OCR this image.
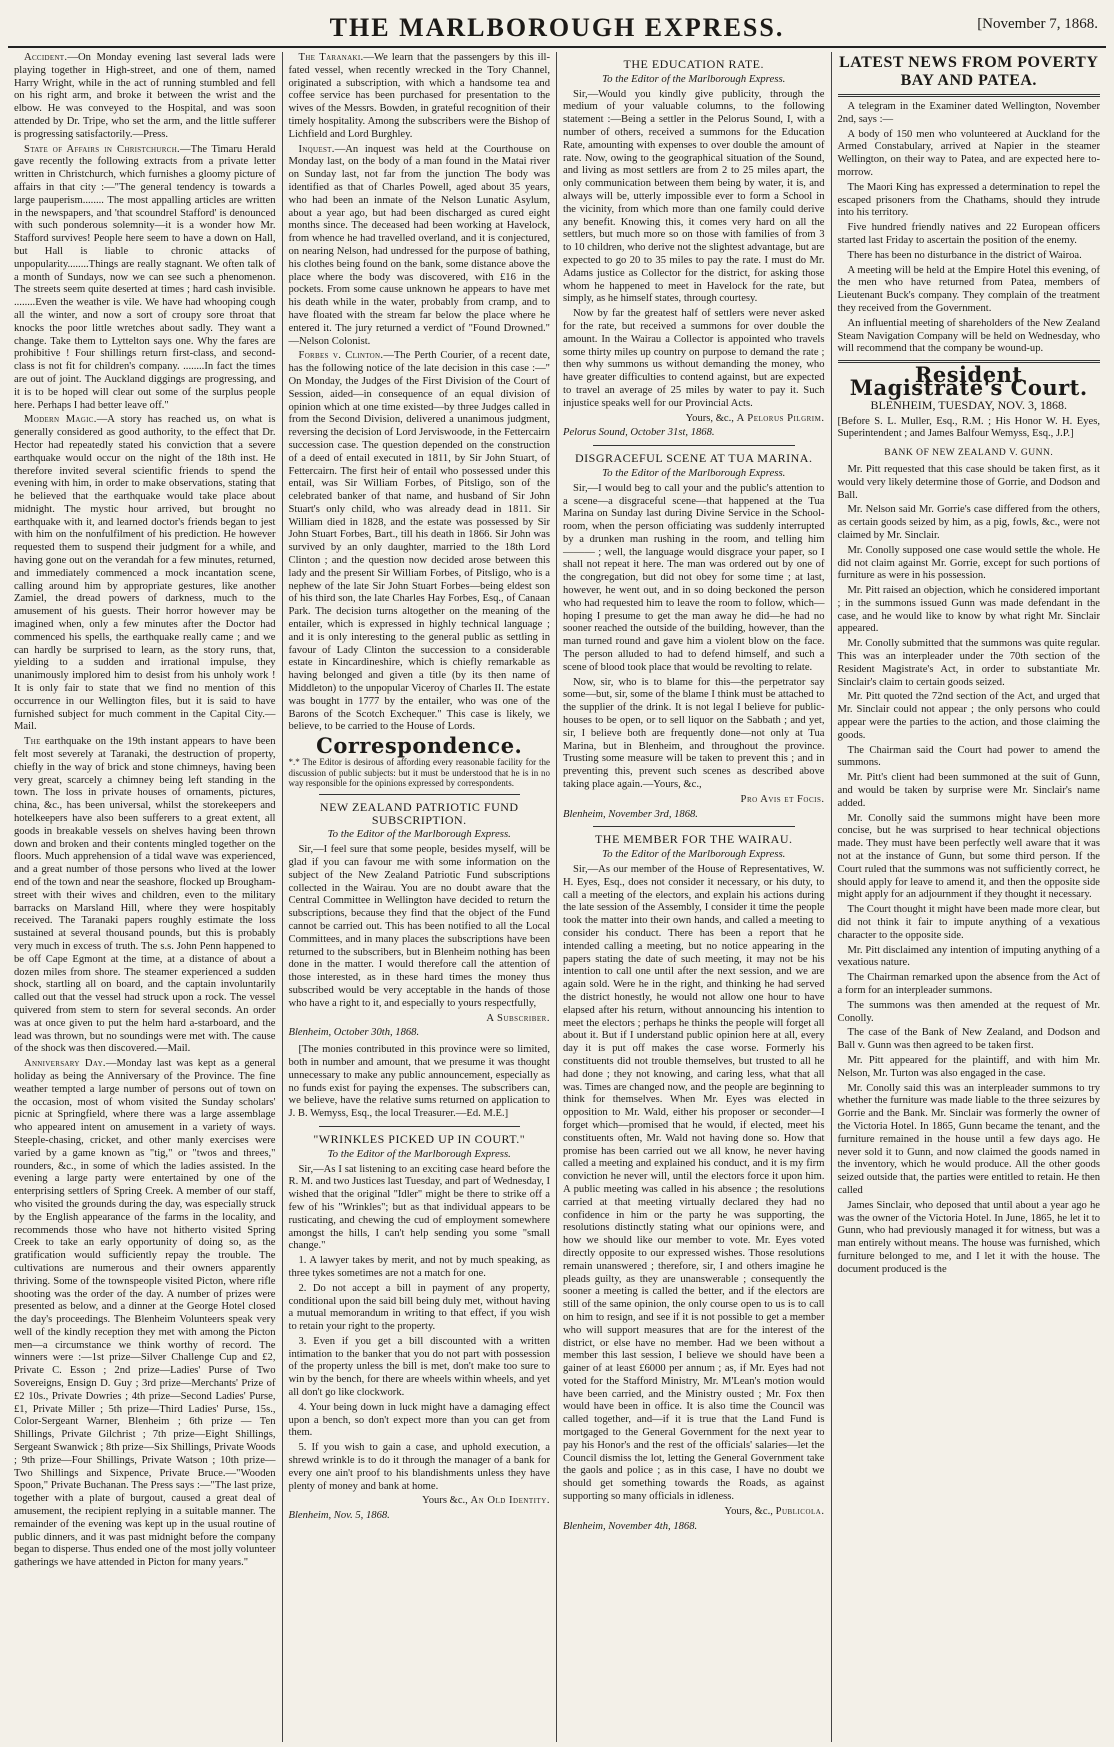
THE MARLBOROUGH EXPRESS.	[November 7, 1868.

Accident.—On Monday evening last several lads were playing together in High-street, and one of them, named Harry Wright, while in the act of running stumbled and fell on his right arm, and broke it between the wrist and the elbow. He was conveyed to the Hospital, and was soon attended by Dr. Tripe, who set the arm, and the little sufferer is progressing satisfactorily.—Press.

State of Affairs in Christchurch.—The Timaru Herald gave recently the following extracts from a private letter written in Christchurch, which furnishes a gloomy picture of affairs in that city :—"The general tendency is towards a large pauperism........ The most appalling articles are written in the newspapers, and 'that scoundrel Stafford' is denounced with such ponderous solemnity—it is a wonder how Mr. Stafford survives! People here seem to have a down on Hall, but Hall is liable to chronic attacks of unpopularity........Things are really stagnant. We often talk of a month of Sundays, now we can see such a phenomenon. The streets seem quite deserted at times ; hard cash invisible. ........Even the weather is vile. We have had whooping cough all the winter, and now a sort of croupy sore throat that knocks the poor little wretches about sadly. They want a change. Take them to Lyttelton says one. Why the fares are prohibitive ! Four shillings return first-class, and second-class is not fit for children's company. ........In fact the times are out of joint. The Auckland diggings are progressing, and it is to be hoped will clear out some of the surplus people here. Perhaps I had better leave off."

Modern Magic.—A story has reached us, on what is generally considered as good authority, to the effect that Dr. Hector had repeatedly stated his conviction that a severe earthquake would occur on the night of the 18th inst. He therefore invited several scientific friends to spend the evening with him, in order to make observations, stating that he believed that the earthquake would take place about midnight. The mystic hour arrived, but brought no earthquake with it, and learned doctor's friends began to jest with him on the nonfulfilment of his prediction. He however requested them to suspend their judgment for a while, and having gone out on the verandah for a few minutes, returned, and immediately commenced a mock incantation scene, calling around him by appropriate gestures, like another Zamiel, the dread powers of darkness, much to the amusement of his guests. Their horror however may be imagined when, only a few minutes after the Doctor had commenced his spells, the earthquake really came ; and we can hardly be surprised to learn, as the story runs, that, yielding to a sudden and irrational impulse, they unanimously implored him to desist from his unholy work ! It is only fair to state that we find no mention of this occurrence in our Wellington files, but it is said to have furnished subject for much comment in the Capital City.—Mail.

The earthquake on the 19th instant appears to have been felt most severely at Taranaki, the destruction of property, chiefly in the way of brick and stone chimneys, having been very great, scarcely a chimney being left standing in the town. The loss in private houses of ornaments, pictures, china, &c., has been universal, whilst the storekeepers and hotelkeepers have also been sufferers to a great extent, all goods in breakable vessels on shelves having been thrown down and broken and their contents mingled together on the floors. Much apprehension of a tidal wave was experienced, and a great number of those persons who lived at the lower end of the town and near the seashore, flocked up Brougham-street with their wives and children, even to the military barracks on Marsland Hill, where they were hospitably received. The Taranaki papers roughly estimate the loss sustained at several thousand pounds, but this is probably very much in excess of truth. The s.s. John Penn happened to be off Cape Egmont at the time, at a distance of about a dozen miles from shore. The steamer experienced a sudden shock, startling all on board, and the captain involuntarily called out that the vessel had struck upon a rock. The vessel quivered from stem to stern for several seconds. An order was at once given to put the helm hard a-starboard, and the lead was thrown, but no soundings were met with. The cause of the shock was then discovered.—Mail.

Anniversary Day.—Monday last was kept as a general holiday as being the Anniversary of the Province. The fine weather tempted a large number of persons out of town on the occasion, most of whom visited the Sunday scholars' picnic at Springfield, where there was a large assemblage who appeared intent on amusement in a variety of ways. Steeple-chasing, cricket, and other manly exercises were varied by a game known as "tig," or "twos and threes," rounders, &c., in some of which the ladies assisted. In the evening a large party were entertained by one of the enterprising settlers of Spring Creek. A member of our staff, who visited the grounds during the day, was especially struck by the English appearance of the farms in the locality, and recommends those who have not hitherto visited Spring Creek to take an early opportunity of doing so, as the gratification would sufficiently repay the trouble. The cultivations are numerous and their owners apparently thriving. Some of the townspeople visited Picton, where rifle shooting was the order of the day. A number of prizes were presented as below, and a dinner at the George Hotel closed the day's proceedings. The Blenheim Volunteers speak very well of the kindly reception they met with among the Picton men—a circumstance we think worthy of record. The winners were :—1st prize—Silver Challenge Cup and £2, Private C. Esson ; 2nd prize—Ladies' Purse of Two Sovereigns, Ensign D. Guy ; 3rd prize—Merchants' Prize of £2 10s., Private Dowries ; 4th prize—Second Ladies' Purse, £1, Private Miller ; 5th prize—Third Ladies' Purse, 15s., Color-Sergeant Warner, Blenheim ; 6th prize — Ten Shillings, Private Gilchrist ; 7th prize—Eight Shillings, Sergeant Swanwick ; 8th prize—Six Shillings, Private Woods ; 9th prize—Four Shillings, Private Watson ; 10th prize—Two Shillings and Sixpence, Private Bruce.—"Wooden Spoon," Private Buchanan. The Press says :—"The last prize, together with a plate of burgout, caused a great deal of amusement, the recipient replying in a suitable manner. The remainder of the evening was kept up in the usual routine of public dinners, and it was past midnight before the company began to disperse. Thus ended one of the most jolly volunteer gatherings we have attended in Picton for many years."

The Taranaki.—We learn that the passengers by this ill-fated vessel, when recently wrecked in the Tory Channel, originated a subscription, with which a handsome tea and coffee service has been purchased for presentation to the wives of the Messrs. Bowden, in grateful recognition of their timely hospitality. Among the subscribers were the Bishop of Lichfield and Lord Burghley.

Inquest.—An inquest was held at the Courthouse on Monday last, on the body of a man found in the Matai river on Sunday last, not far from the junction The body was identified as that of Charles Powell, aged about 35 years, who had been an inmate of the Nelson Lunatic Asylum, about a year ago, but had been discharged as cured eight months since. The deceased had been working at Havelock, from whence he had travelled overland, and it is conjectured, on nearing Nelson, had undressed for the purpose of bathing, his clothes being found on the bank, some distance above the place where the body was discovered, with £16 in the pockets. From some cause unknown he appears to have met his death while in the water, probably from cramp, and to have floated with the stream far below the place where he entered it. The jury returned a verdict of "Found Drowned." —Nelson Colonist.

Forbes v. Clinton.—The Perth Courier, of a recent date, has the following notice of the late decision in this case :—" On Monday, the Judges of the First Division of the Court of Session, aided—in consequence of an equal division of opinion which at one time existed—by three Judges called in from the Second Division, delivered a unanimous judgment, reversing the decision of Lord Jerviswoode, in the Fettercairn succession case. The question depended on the construction of a deed of entail executed in 1811, by Sir John Stuart, of Fettercairn. The first heir of entail who possessed under this entail, was Sir William Forbes, of Pitsligo, son of the celebrated banker of that name, and husband of Sir John Stuart's only child, who was already dead in 1811. Sir William died in 1828, and the estate was possessed by Sir John Stuart Forbes, Bart., till his death in 1866. Sir John was survived by an only daughter, married to the 18th Lord Clinton ; and the question now decided arose between this lady and the present Sir William Forbes, of Pitsligo, who is a nephew of the late Sir John Stuart Forbes—being eldest son of his third son, the late Charles Hay Forbes, Esq., of Canaan Park. The decision turns altogether on the meaning of the entailer, which is expressed in highly technical language ; and it is only interesting to the general public as settling in favour of Lady Clinton the succession to a considerable estate in Kincardineshire, which is chiefly remarkable as having belonged and given a title (by its then name of Middleton) to the unpopular Viceroy of Charles II. The estate was bought in 1777 by the entailer, who was one of the Barons of the Scotch Exchequer." This case is likely, we believe, to be carried to the House of Lords.

Correspondence.
*.* The Editor is desirous of affording every reasonable facility for the discussion of public subjects: but it must be understood that he is in no way responsible for the opinions expressed by correspondents.
NEW ZEALAND PATRIOTIC FUND SUBSCRIPTION.
To the Editor of the Marlborough Express.

Sir,—I feel sure that some people, besides myself, will be glad if you can favour me with some information on the subject of the New Zealand Patriotic Fund subscriptions collected in the Wairau. You are no doubt aware that the Central Committee in Wellington have decided to return the subscriptions, because they find that the object of the Fund cannot be carried out. This has been notified to all the Local Committees, and in many places the subscriptions have been returned to the subscribers, but in Blenheim nothing has been done in the matter. I would therefore call the attention of those interested, as in these hard times the money thus subscribed would be very acceptable in the hands of those who have a right to it, and especially to yours respectfully,

A Subscriber.
Blenheim, October 30th, 1868.

[The monies contributed in this province were so limited, both in number and amount, that we presume it was thought unnecessary to make any public announcement, especially as no funds exist for paying the expenses. The subscribers can, we believe, have the relative sums returned on application to J. B. Wemyss, Esq., the local Treasurer.—Ed. M.E.]

"WRINKLES PICKED UP IN COURT."
To the Editor of the Marlborough Express.

Sir,—As I sat listening to an exciting case heard before the R. M. and two Justices last Tuesday, and part of Wednesday, I wished that the original "Idler" might be there to strike off a few of his "Wrinkles"; but as that individual appears to be rusticating, and chewing the cud of employment somewhere amongst the hills, I can't help sending you some "small change."

1. A lawyer takes by merit, and not by much speaking, as three tykes sometimes are not a match for one.

2. Do not accept a bill in payment of any property, conditional upon the said bill being duly met, without having a mutual memorandum in writing to that effect, if you wish to retain your right to the property.

3. Even if you get a bill discounted with a written intimation to the banker that you do not part with possession of the property unless the bill is met, don't make too sure to win by the bench, for there are wheels within wheels, and yet all don't go like clockwork.

4. Your being down in luck might have a damaging effect upon a bench, so don't expect more than you can get from them.

5. If you wish to gain a case, and uphold execution, a shrewd wrinkle is to do it through the manager of a bank for every one ain't proof to his blandishments unless they have plenty of money and bank at home.

Yours &c., An Old Identity.
Blenheim, Nov. 5, 1868.
THE EDUCATION RATE.
To the Editor of the Marlborough Express.

Sir,—Would you kindly give publicity, through the medium of your valuable columns, to the following statement :—Being a settler in the Pelorus Sound, I, with a number of others, received a summons for the Education Rate, amounting with expenses to over double the amount of rate. Now, owing to the geographical situation of the Sound, and living as most settlers are from 2 to 25 miles apart, the only communication between them being by water, it is, and always will be, utterly impossible ever to form a School in the vicinity, from which more than one family could derive any benefit. Knowing this, it comes very hard on all the settlers, but much more so on those with families of from 3 to 10 children, who derive not the slightest advantage, but are expected to go 20 to 35 miles to pay the rate. I must do Mr. Adams justice as Collector for the district, for asking those whom he happened to meet in Havelock for the rate, but simply, as he himself states, through courtesy.

Now by far the greatest half of settlers were never asked for the rate, but received a summons for over double the amount. In the Wairau a Collector is appointed who travels some thirty miles up country on purpose to demand the rate ; then why summons us without demanding the money, who have greater difficulties to contend against, but are expected to travel an average of 25 miles by water to pay it. Such injustice speaks well for our Provincial Acts.

Yours, &c., A Pelorus Pilgrim.
Pelorus Sound, October 31st, 1868.
DISGRACEFUL SCENE AT TUA MARINA.
To the Editor of the Marlborough Express.

Sir,—I would beg to call your and the public's attention to a scene—a disgraceful scene—that happened at the Tua Marina on Sunday last during Divine Service in the School-room, when the person officiating was suddenly interrupted by a drunken man rushing in the room, and telling him ——— ; well, the language would disgrace your paper, so I shall not repeat it here. The man was ordered out by one of the congregation, but did not obey for some time ; at last, however, he went out, and in so doing beckoned the person who had requested him to leave the room to follow, which—hoping I presume to get the man away he did—he had no sooner reached the outside of the building, however, than the man turned round and gave him a violent blow on the face. The person alluded to had to defend himself, and such a scene of blood took place that would be revolting to relate.

Now, sir, who is to blame for this—the perpetrator say some—but, sir, some of the blame I think must be attached to the supplier of the drink. It is not legal I believe for public-houses to be open, or to sell liquor on the Sabbath ; and yet, sir, I believe both are frequently done—not only at Tua Marina, but in Blenheim, and throughout the province. Trusting some measure will be taken to prevent this ; and in preventing this, prevent such scenes as described above taking place again.—Yours, &c.,

Pro Avis et Focis.
Blenheim, November 3rd, 1868.
THE MEMBER FOR THE WAIRAU.
To the Editor of the Marlborough Express.

Sir,—As our member of the House of Representatives, W. H. Eyes, Esq., does not consider it necessary, or his duty, to call a meeting of the electors, and explain his actions during the late session of the Assembly, I consider it time the people took the matter into their own hands, and called a meeting to consider his conduct. There has been a report that he intended calling a meeting, but no notice appearing in the papers stating the date of such meeting, it may not be his intention to call one until after the next session, and we are again sold. Were he in the right, and thinking he had served the district honestly, he would not allow one hour to have elapsed after his return, without announcing his intention to meet the electors ; perhaps he thinks the people will forget all about it. But if I understand public opinion here at all, every day it is put off makes the case worse. Formerly his constituents did not trouble themselves, but trusted to all he had done ; they not knowing, and caring less, what that all was. Times are changed now, and the people are beginning to think for themselves. When Mr. Eyes was elected in opposition to Mr. Wald, either his proposer or seconder—I forget which—promised that he would, if elected, meet his constituents often, Mr. Wald not having done so. How that promise has been carried out we all know, he never having called a meeting and explained his conduct, and it is my firm conviction he never will, until the electors force it upon him. A public meeting was called in his absence ; the resolutions carried at that meeting virtually declared they had no confidence in him or the party he was supporting, the resolutions distinctly stating what our opinions were, and how we should like our member to vote. Mr. Eyes voted directly opposite to our expressed wishes. Those resolutions remain unanswered ; therefore, sir, I and others imagine he pleads guilty, as they are unanswerable ; consequently the sooner a meeting is called the better, and if the electors are still of the same opinion, the only course open to us is to call on him to resign, and see if it is not possible to get a member who will support measures that are for the interest of the district, or else have no member. Had we been without a member this last session, I believe we should have been a gainer of at least £6000 per annum ; as, if Mr. Eyes had not voted for the Stafford Ministry, Mr. M'Lean's motion would have been carried, and the Ministry ousted ; Mr. Fox then would have been in office. It is also time the Council was called together, and—if it is true that the Land Fund is mortgaged to the General Government for the next year to pay his Honor's and the rest of the officials' salaries—let the Council dismiss the lot, letting the General Government take the gaols and police ; as in this case, I have no doubt we should get something towards the Roads, as against supporting so many officials in idleness.

Yours, &c., Publicola.
Blenheim, November 4th, 1868.
LATEST NEWS FROM POVERTY BAY AND PATEA.

A telegram in the Examiner dated Wellington, November 2nd, says :—

A body of 150 men who volunteered at Auckland for the Armed Constabulary, arrived at Napier in the steamer Wellington, on their way to Patea, and are expected here to-morrow.

The Maori King has expressed a determination to repel the escaped prisoners from the Chathams, should they intrude into his territory.

Five hundred friendly natives and 22 European officers started last Friday to ascertain the position of the enemy.

There has been no disturbance in the district of Wairoa.

A meeting will be held at the Empire Hotel this evening, of the men who have returned from Patea, members of Lieutenant Buck's company. They complain of the treatment they received from the Government.

An influential meeting of shareholders of the New Zealand Steam Navigation Company will be held on Wednesday, who will recommend that the company be wound-up.

Resident Magistrate's Court.
BLENHEIM, TUESDAY, NOV. 3, 1868.

[Before S. L. Muller, Esq., R.M. ; His Honor W. H. Eyes, Superintendent ; and James Balfour Wemyss, Esq., J.P.]

BANK OF NEW ZEALAND V. GUNN.

Mr. Pitt requested that this case should be taken first, as it would very likely determine those of Gorrie, and Dodson and Ball.

Mr. Nelson said Mr. Gorrie's case differed from the others, as certain goods seized by him, as a pig, fowls, &c., were not claimed by Mr. Sinclair.

Mr. Conolly supposed one case would settle the whole. He did not claim against Mr. Gorrie, except for such portions of furniture as were in his possession.

Mr. Pitt raised an objection, which he considered important ; in the summons issued Gunn was made defendant in the case, and he would like to know by what right Mr. Sinclair appeared.

Mr. Conolly submitted that the summons was quite regular. This was an interpleader under the 70th section of the Resident Magistrate's Act, in order to substantiate Mr. Sinclair's claim to certain goods seized.

Mr. Pitt quoted the 72nd section of the Act, and urged that Mr. Sinclair could not appear ; the only persons who could appear were the parties to the action, and those claiming the goods.

The Chairman said the Court had power to amend the summons.

Mr. Pitt's client had been summoned at the suit of Gunn, and would be taken by surprise were Mr. Sinclair's name added.

Mr. Conolly said the summons might have been more concise, but he was surprised to hear technical objections made. They must have been perfectly well aware that it was not at the instance of Gunn, but some third person. If the Court ruled that the summons was not sufficiently correct, he should apply for leave to amend it, and then the opposite side might apply for an adjournment if they thought it necessary.

The Court thought it might have been made more clear, but did not think it fair to impute anything of a vexatious character to the opposite side.

Mr. Pitt disclaimed any intention of imputing anything of a vexatious nature.

The Chairman remarked upon the absence from the Act of a form for an interpleader summons.

The summons was then amended at the request of Mr. Conolly.

The case of the Bank of New Zealand, and Dodson and Ball v. Gunn was then agreed to be taken first.

Mr. Pitt appeared for the plaintiff, and with him Mr. Nelson, Mr. Turton was also engaged in the case.

Mr. Conolly said this was an interpleader summons to try whether the furniture was made liable to the three seizures by Gorrie and the Bank. Mr. Sinclair was formerly the owner of the Victoria Hotel. In 1865, Gunn became the tenant, and the furniture remained in the house until a few days ago. He never sold it to Gunn, and now claimed the goods named in the inventory, which he would produce. All the other goods seized outside that, the parties were entitled to retain. He then called

James Sinclair, who deposed that until about a year ago he was the owner of the Victoria Hotel. In June, 1865, he let it to Gunn, who had previously managed it for witness, but was a man entirely without means. The house was furnished, which furniture belonged to me, and I let it with the house. The document produced is the
